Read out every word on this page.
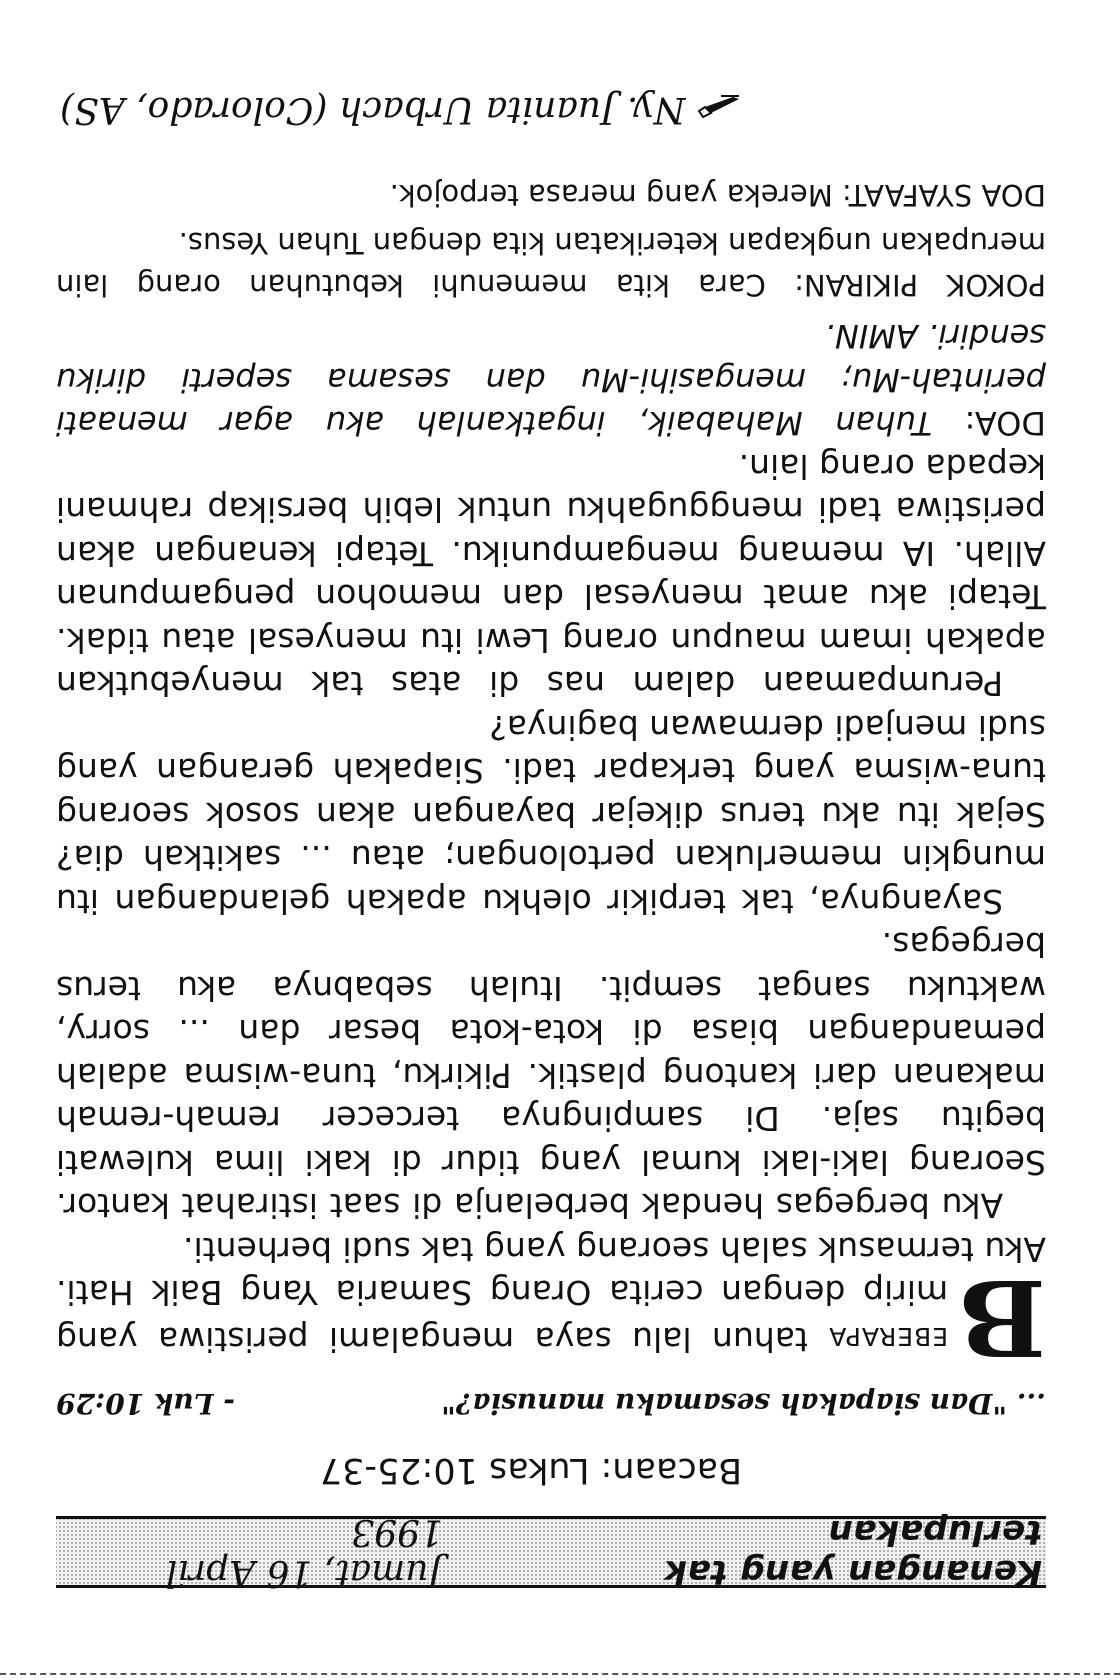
Kenangan yang tak terlupakan
Jumat, 16 April 1993
Bacaan: Lukas 10:25-37
... "Dan siapakah sesamaku manusia?"
- Luk 10:29

B
EBERAPA tahun lalu saya mengalami peristiwa yang mirip dengan cerita Orang Samaria Yang Baik Hati. Aku termasuk salah seorang yang tak sudi berhenti.

Aku bergegas hendak berbelanja di saat istirahat kantor. Seorang laki-laki kumal yang tidur di kaki lima kulewati begitu saja. Di sampingnya tercecer remah-remah makanan dari kantong plastik. Pikirku, tuna-wisma adalah pemandangan biasa di kota-kota besar dan ... sorry, waktuku sangat sempit. Itulah sebabnya aku terus bergegas.

Sayangnya, tak terpikir olehku apakah gelandangan itu mungkin memerlukan pertolongan; atau ... sakitkah dia? Sejak itu aku terus dikejar bayangan akan sosok seorang tuna-wisma yang terkapar tadi. Siapakah gerangan yang sudi menjadi dermawan baginya?

Perumpamaan dalam nas di atas tak menyebutkan apakah imam maupun orang Lewi itu menyesal atau tidak. Tetapi aku amat menyesal dan memohon pengampunan Allah. IA memang mengampuniku. Tetapi kenangan akan peristiwa tadi menggugahku untuk lebih bersikap rahmani kepada orang lain.

DOA: Tuhan Mahabaik, ingatkanlah aku agar menaati perintah-Mu; mengasihi-Mu dan sesama seperti diriku sendiri. AMIN.

POKOK PIKIRAN: Cara kita memenuhi kebutuhan orang lain merupakan ungkapan keterikatan kita dengan Tuhan Yesus.

DOA SYAFAAT: Mereka yang merasa terpojok.

Ny. Juanita Urbach (Colorado, AS)
